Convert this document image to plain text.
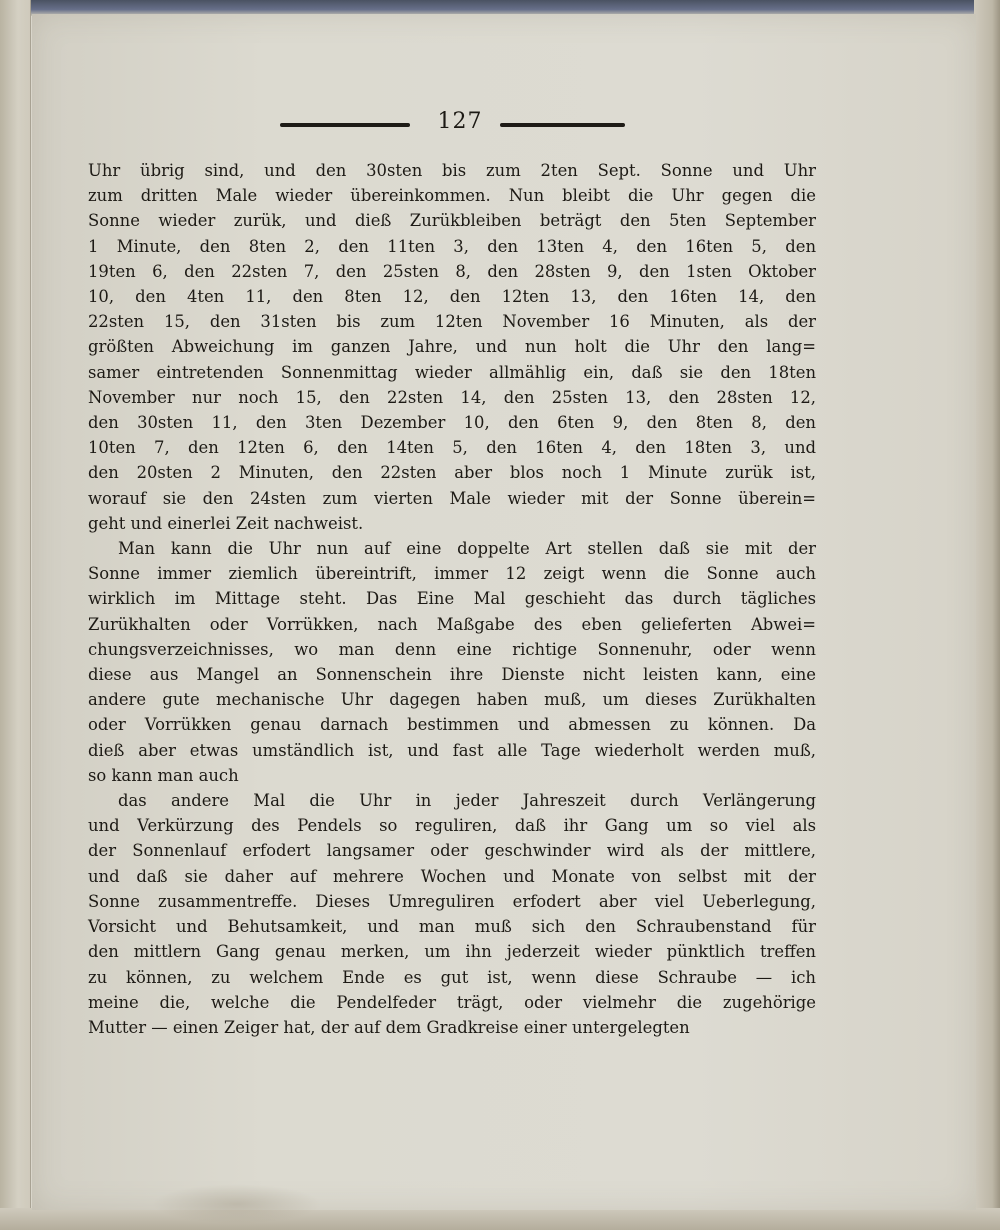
127

Uhr übrig sind, und den 30sten bis zum 2ten Sept. Sonne und Uhr
zum dritten Male wieder übereinkommen. Nun bleibt die Uhr gegen die
Sonne wieder zurük, und dieß Zurükbleiben beträgt den 5ten September
1 Minute, den 8ten 2, den 11ten 3, den 13ten 4, den 16ten 5, den
19ten 6, den 22sten 7, den 25sten 8, den 28sten 9, den 1sten Oktober
10, den 4ten 11, den 8ten 12, den 12ten 13, den 16ten 14, den
22sten 15, den 31sten bis zum 12ten November 16 Minuten, als der
größten Abweichung im ganzen Jahre, und nun holt die Uhr den lang=
samer eintretenden Sonnenmittag wieder allmählig ein, daß sie den 18ten
November nur noch 15, den 22sten 14, den 25sten 13, den 28sten 12,
den 30sten 11, den 3ten Dezember 10, den 6ten 9, den 8ten 8, den
10ten 7, den 12ten 6, den 14ten 5, den 16ten 4, den 18ten 3, und
den 20sten 2 Minuten, den 22sten aber blos noch 1 Minute zurük ist,
worauf sie den 24sten zum vierten Male wieder mit der Sonne überein=
geht und einerlei Zeit nachweist.

Man kann die Uhr nun auf eine doppelte Art stellen daß sie mit der
Sonne immer ziemlich übereintrift, immer 12 zeigt wenn die Sonne auch
wirklich im Mittage steht. Das Eine Mal geschieht das durch tägliches
Zurükhalten oder Vorrükken, nach Maßgabe des eben gelieferten Abwei=
chungsverzeichnisses, wo man denn eine richtige Sonnenuhr, oder wenn
diese aus Mangel an Sonnenschein ihre Dienste nicht leisten kann, eine
andere gute mechanische Uhr dagegen haben muß, um dieses Zurükhalten
oder Vorrükken genau darnach bestimmen und abmessen zu können. Da
dieß aber etwas umständlich ist, und fast alle Tage wiederholt werden muß,
so kann man auch

das andere Mal die Uhr in jeder Jahreszeit durch Verlängerung
und Verkürzung des Pendels so reguliren, daß ihr Gang um so viel als
der Sonnenlauf erfodert langsamer oder geschwinder wird als der mittlere,
und daß sie daher auf mehrere Wochen und Monate von selbst mit der
Sonne zusammentreffe. Dieses Umreguliren erfodert aber viel Ueberlegung,
Vorsicht und Behutsamkeit, und man muß sich den Schraubenstand für
den mittlern Gang genau merken, um ihn jederzeit wieder pünktlich treffen
zu können, zu welchem Ende es gut ist, wenn diese Schraube — ich
meine die, welche die Pendelfeder trägt, oder vielmehr die zugehörige
Mutter — einen Zeiger hat, der auf dem Gradkreise einer untergelegten
